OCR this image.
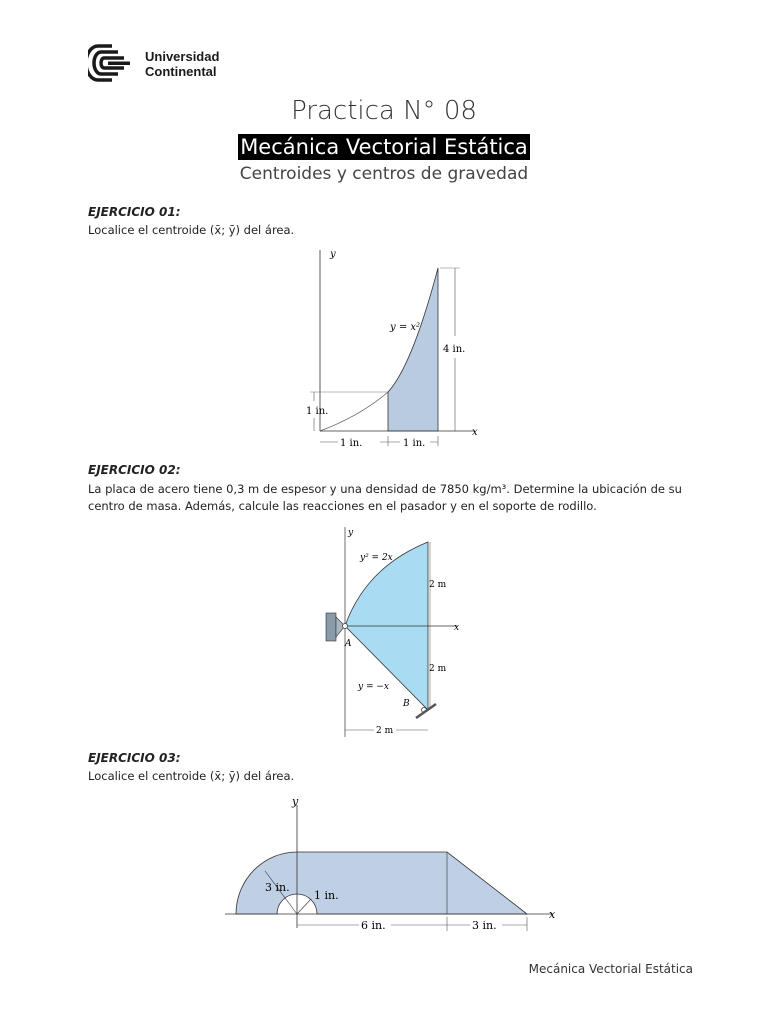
Universidad
Continental
Practica N° 08
Mecánica Vectorial Estática
Centroides y centros de gravedad
EJERCICIO 01:
Localice el centroide (x̄; ȳ) del área.
y
x
y = x²
4 in.
1 in.
1 in.	1 in.
EJERCICIO 02:
La placa de acero tiene 0,3 m de espesor y una densidad de 7850 kg/m³. Determine la ubicación de su centro de masa. Además, calcule las reacciones en el pasador y en el soporte de rodillo.
y
x
y² = 2x
y = −x
2 m
2 m
2 m
A
B
EJERCICIO 03:
Localice el centroide (x̄; ȳ) del área.
y
x
3 in.
1 in.
6 in.	3 in.
Mecánica Vectorial Estática
